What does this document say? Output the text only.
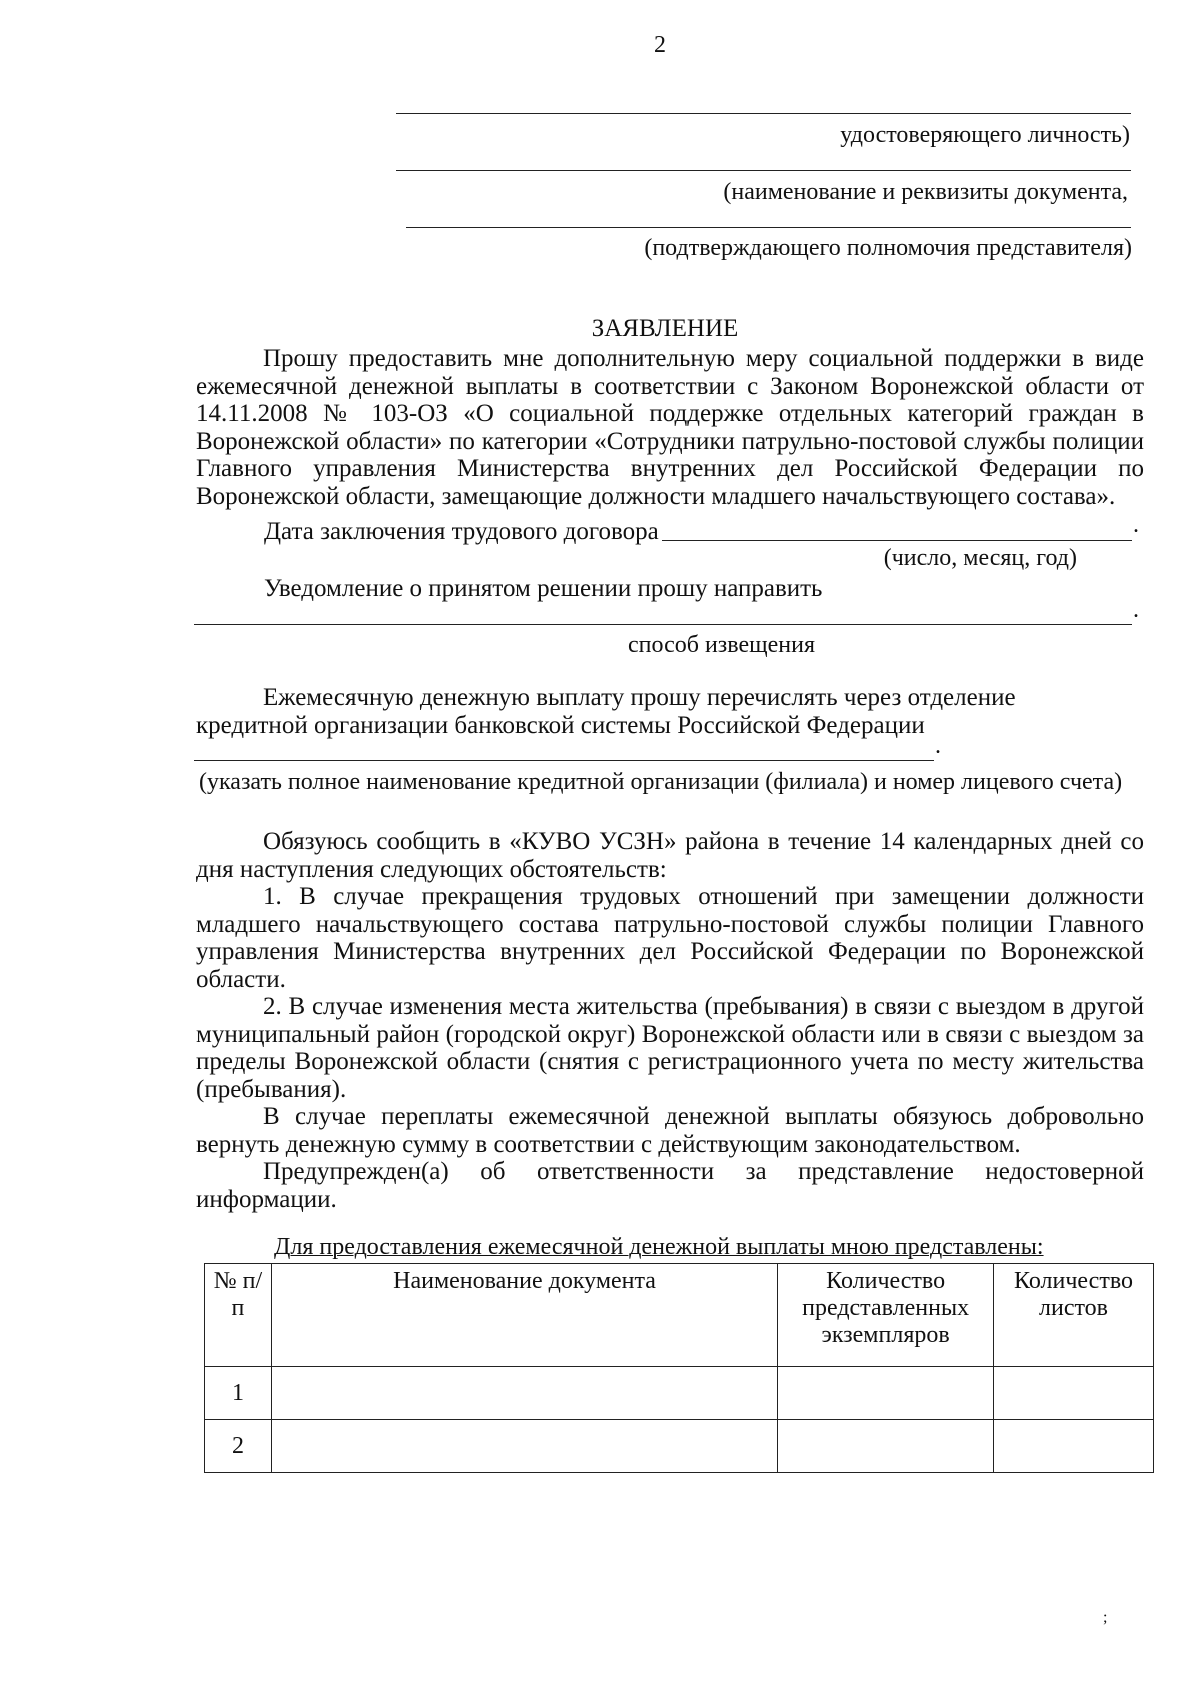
2
удостоверяющего личность)
(наименование и реквизиты документа,
(подтверждающего полномочия представителя)
ЗАЯВЛЕНИЕ

Прошу предоставить мне дополнительную меру социальной поддержки в виде ежемесячной денежной выплаты в соответствии с Законом Воронежской области от 14.11.2008 № 103-ОЗ «О социальной поддержке отдельных категорий граждан в Воронежской области» по категории «Сотрудники патрульно-постовой службы полиции Главного управления Министерства внутренних дел Российской Федерации по Воронежской области, замещающие должности младшего начальствующего состава».

Дата заключения трудового договора	.
(число, месяц, год)
Уведомление о принятом решении прошу направить
.
способ извещения

Ежемесячную денежную выплату прошу перечислять через отделение кредитной организации банковской системы Российской Федерации

.
(указать полное наименование кредитной организации (филиала) и номер лицевого счета)

Обязуюсь сообщить в «КУВО УСЗН» района в течение 14 календарных дней со дня наступления следующих обстоятельств:

1. В случае прекращения трудовых отношений при замещении должности младшего начальствующего состава патрульно-постовой службы полиции Главного управления Министерства внутренних дел Российской Федерации по Воронежской области.

2. В случае изменения места жительства (пребывания) в связи с выездом в другой муниципальный район (городской округ) Воронежской области или в связи с выездом за пределы Воронежской области (снятия с регистрационного учета по месту жительства (пребывания).

В случае переплаты ежемесячной денежной выплаты обязуюсь добровольно вернуть денежную сумму в соответствии с действующим законодательством.

Предупрежден(а) об ответственности за представление недостоверной информации.

Для предоставления ежемесячной денежной выплаты мною представлены:
№ п/п	Наименование документа	Количество представленных экземпляров	Количество листов
1			
2			
;
